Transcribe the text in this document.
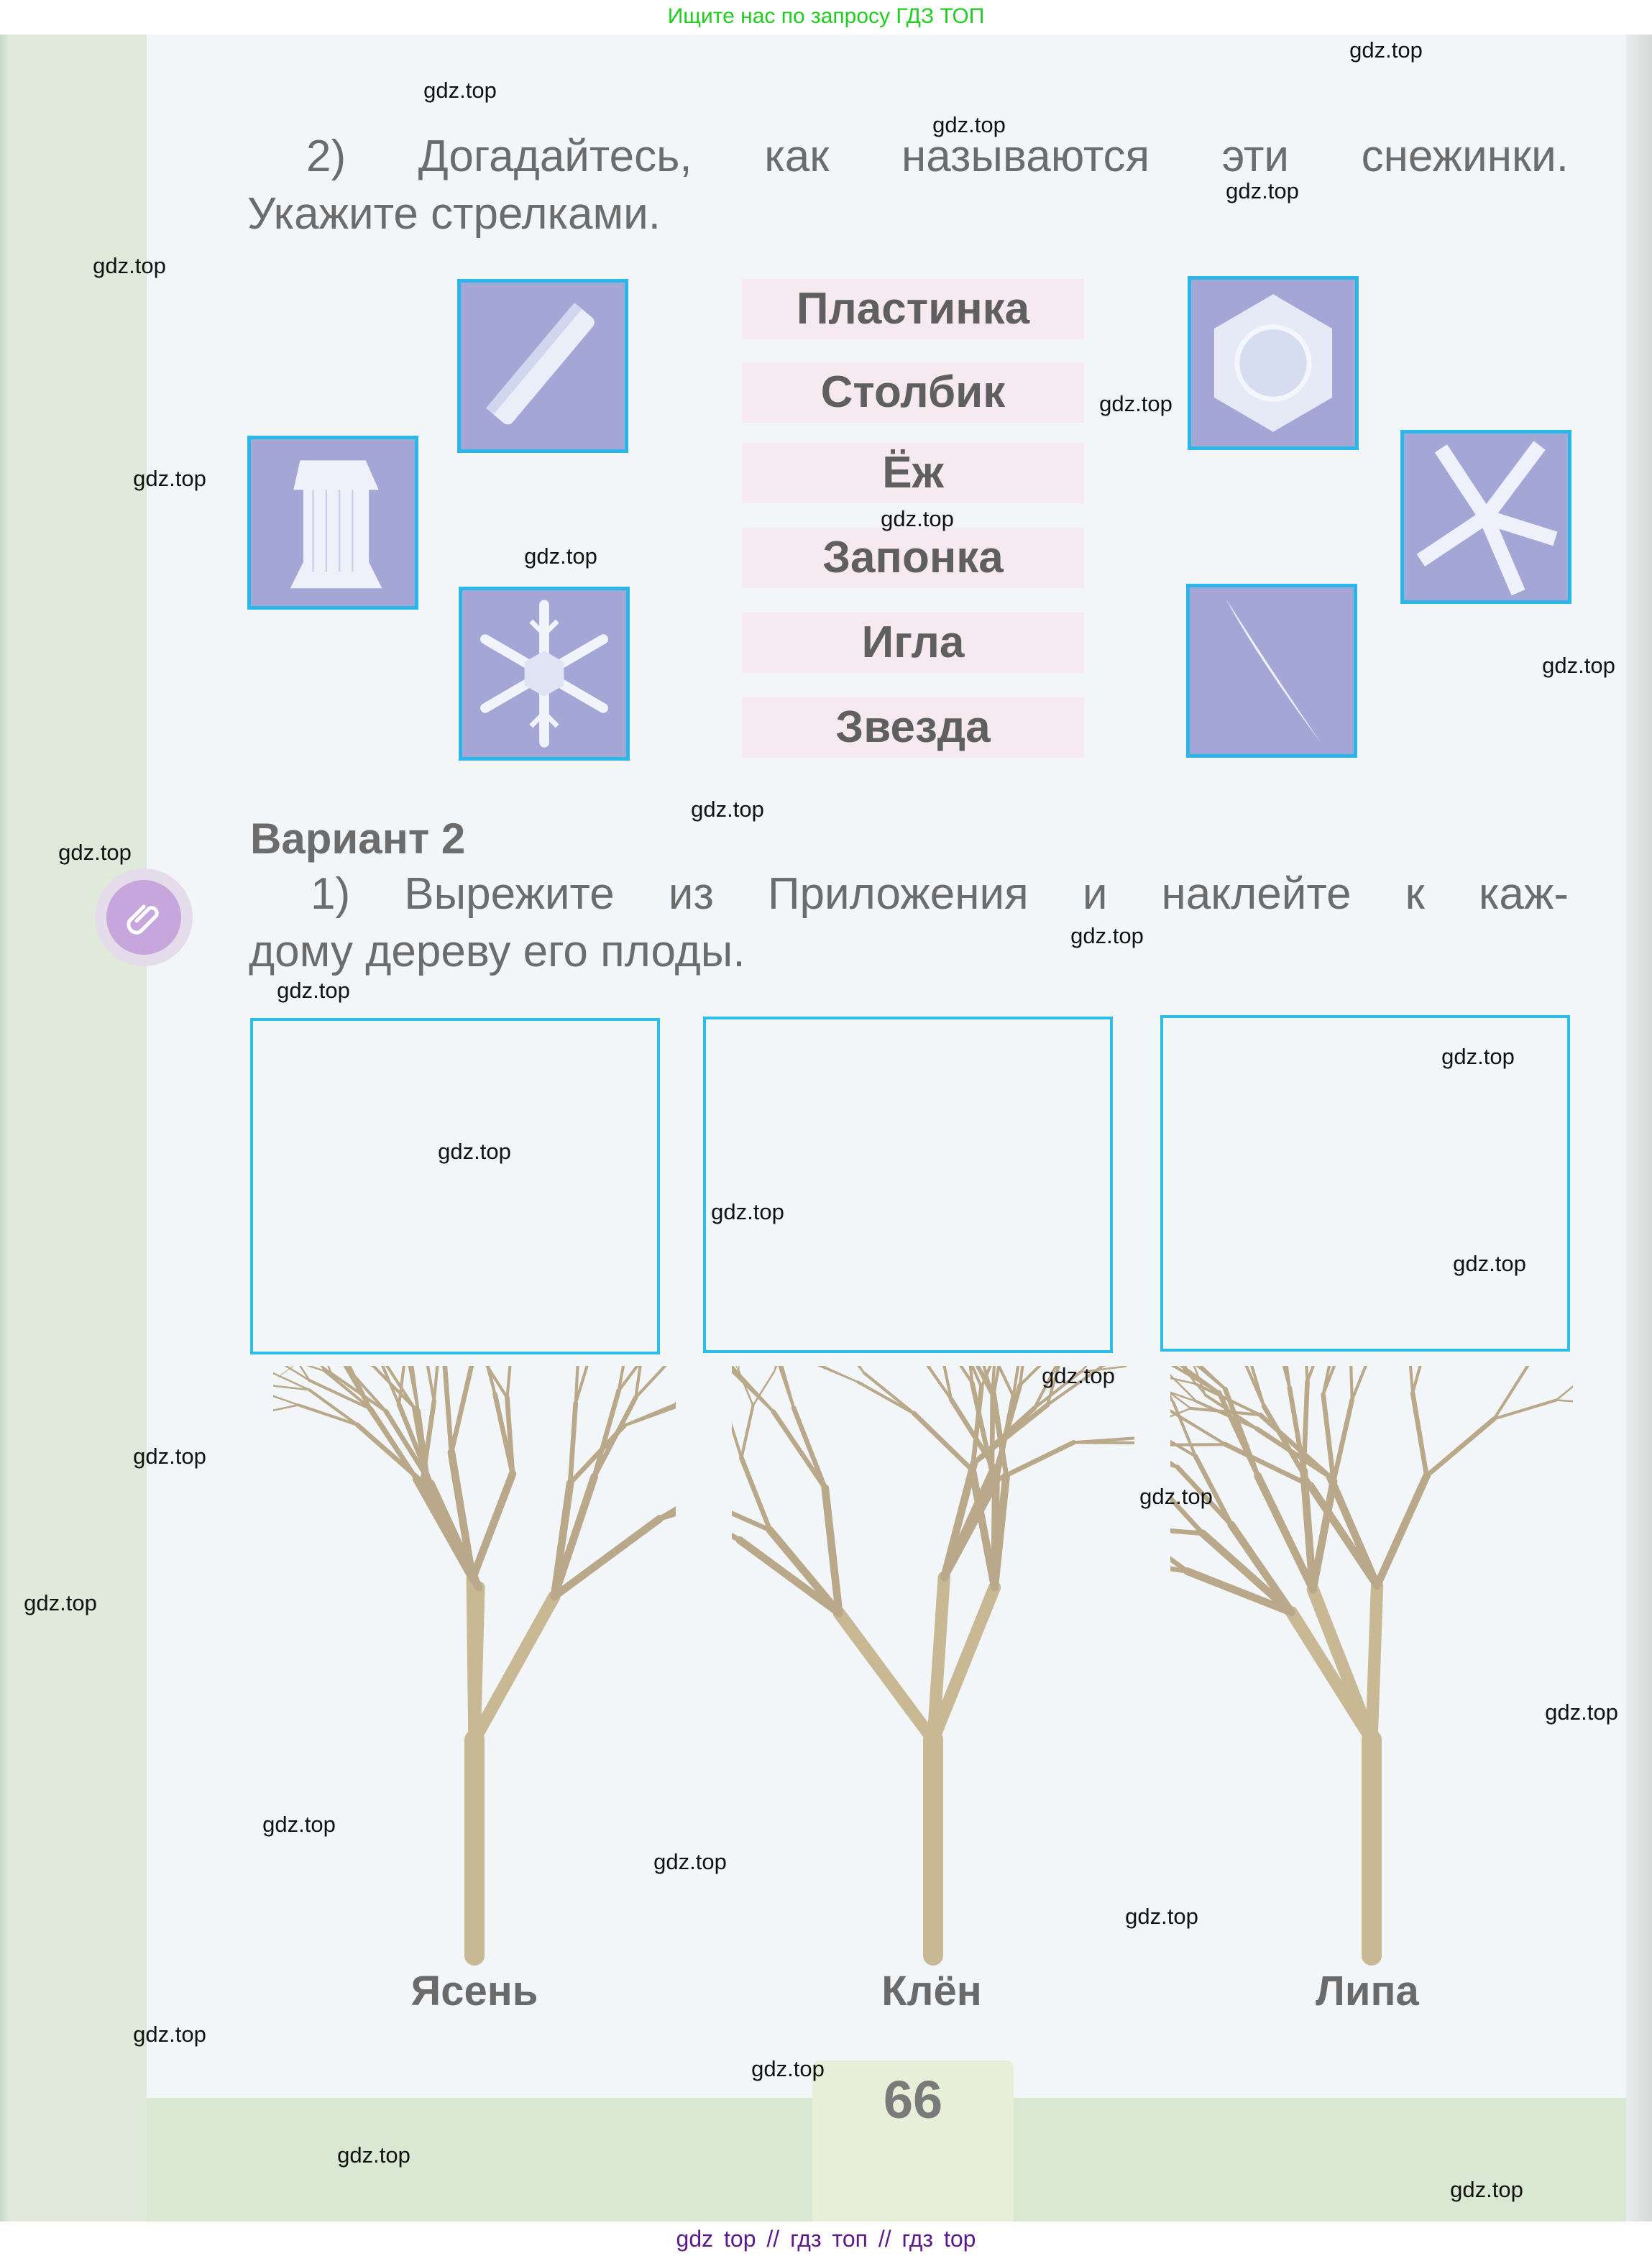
Ищите нас по запросу ГДЗ ТОП
2) Догадайтесь, как называются эти снежинки.
Укажите стрелками.
Пластинка
Столбик
Ёж
Запонка
Игла
Звезда
Вариант 2
1) Вырежите из Приложения и наклейте к каж-
дому дереву его плоды.
Ясень	Клён	Липа
66
gdz top // гдз топ // гдз top
gdz.top
gdz.top
gdz.top
gdz.top
gdz.top
gdz.top
gdz.top
gdz.top
gdz.top
gdz.top
gdz.top
gdz.top
gdz.top
gdz.top
gdz.top
gdz.top
gdz.top
gdz.top
gdz.top
gdz.top
gdz.top
gdz.top
gdz.top
gdz.top
gdz.top
gdz.top
gdz.top
gdz.top
gdz.top
gdz.top
